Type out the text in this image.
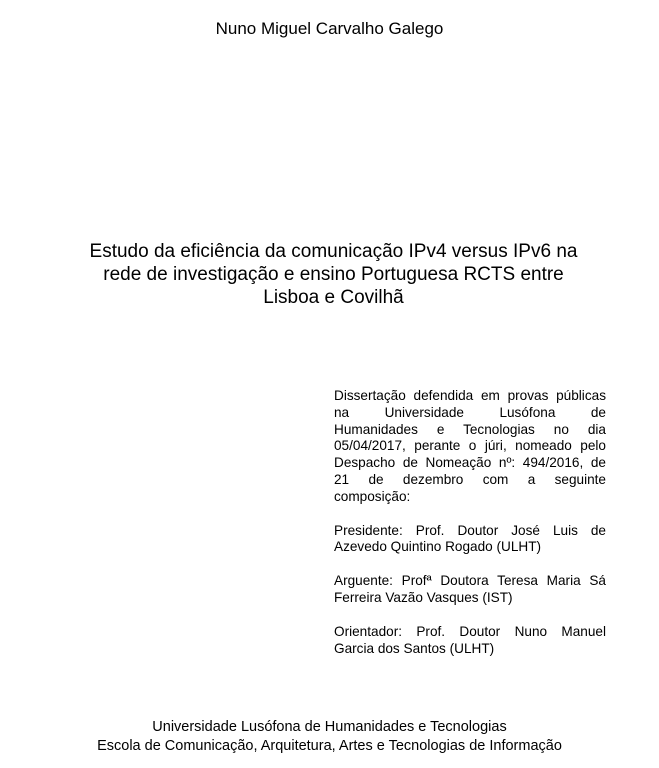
Nuno Miguel Carvalho Galego
Estudo da eficiência da comunicação IPv4 versus IPv6 na
rede de investigação e ensino Portuguesa RCTS entre
Lisboa e Covilhã
Dissertação defendida em provas públicas
na Universidade Lusófona de
Humanidades e Tecnologias no dia
05/04/2017, perante o júri, nomeado pelo
Despacho de Nomeação nº: 494/2016, de
21 de dezembro com a seguinte
composição:
Presidente: Prof. Doutor José Luis de
Azevedo Quintino Rogado (ULHT)
Arguente: Profª Doutora Teresa Maria Sá
Ferreira Vazão Vasques (IST)
Orientador: Prof. Doutor Nuno Manuel
Garcia dos Santos (ULHT)
Universidade Lusófona de Humanidades e Tecnologias
Escola de Comunicação, Arquitetura, Artes e Tecnologias de Informação
